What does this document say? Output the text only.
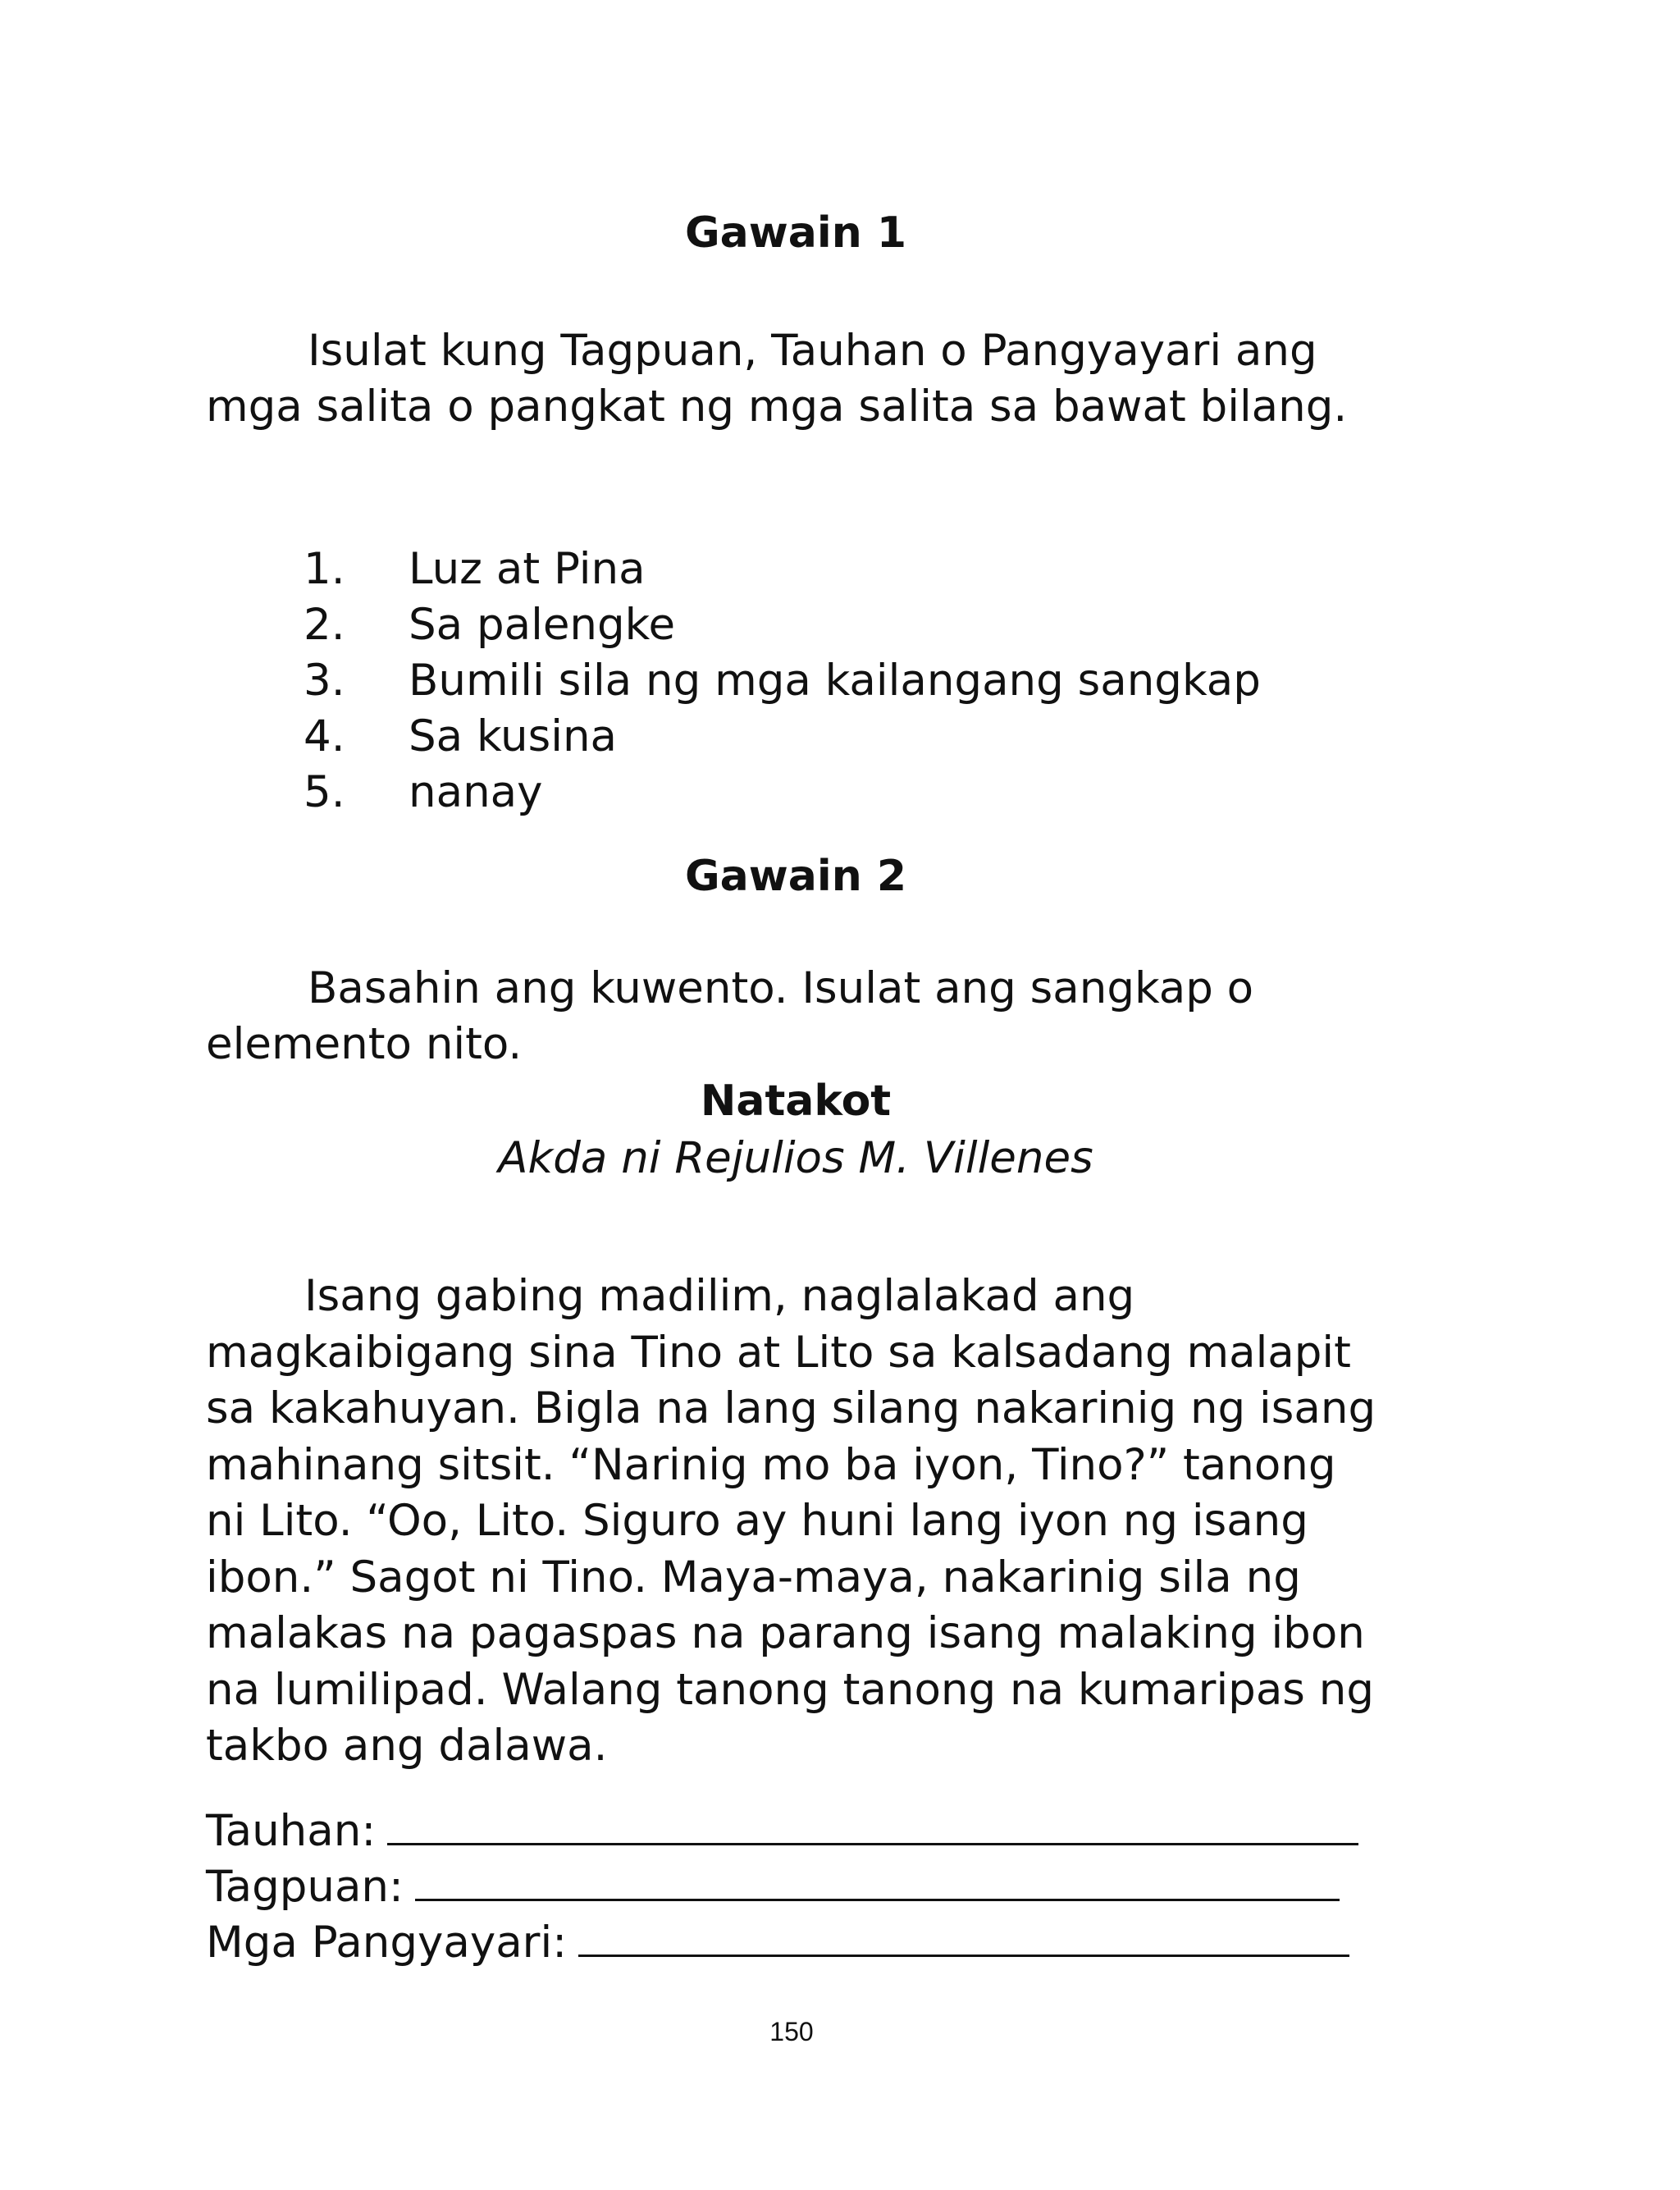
Gawain 1

Isulat kung Tagpuan, Tauhan o Pangyayari ang mga salita o pangkat ng mga salita sa bawat bilang.

1.	Luz at Pina
2.	Sa palengke
3.	Bumili sila ng mga kailangang sangkap
4.	Sa kusina
5.	nanay
Gawain 2

Basahin ang kuwento. Isulat ang sangkap o elemento nito.

Natakot

Akda ni Rejulios M. Villenes

Isang gabing madilim, naglalakad ang magkaibigang sina Tino at Lito sa kalsadang malapit sa kakahuyan. Bigla na lang silang nakarinig ng isang mahinang sitsit. “Narinig mo ba iyon, Tino?” tanong ni Lito. “Oo, Lito. Siguro ay huni lang iyon ng isang ibon.” Sagot ni Tino. Maya-maya, nakarinig sila ng malakas na pagaspas na parang isang malaking ibon na lumilipad. Walang tanong tanong na kumaripas ng takbo ang dalawa.

Tauhan:
Tagpuan:
Mga Pangyayari:

150
